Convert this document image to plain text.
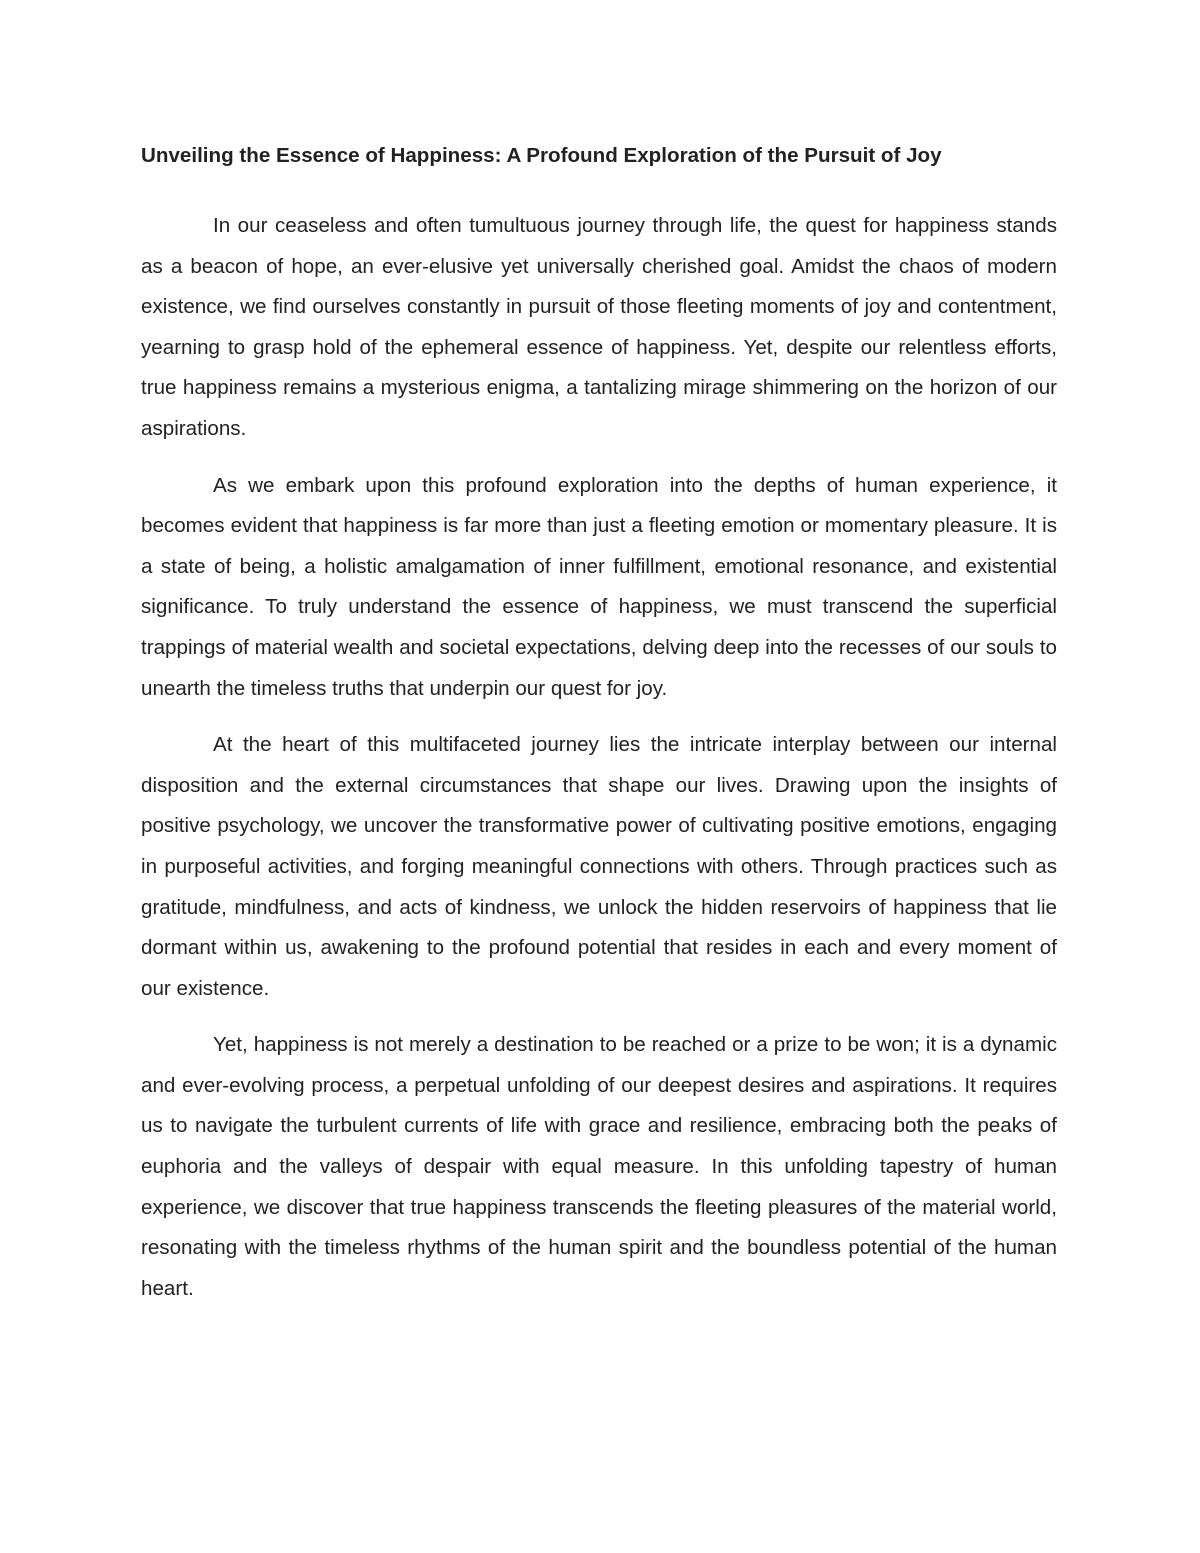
Unveiling the Essence of Happiness: A Profound Exploration of the Pursuit of Joy

In our ceaseless and often tumultuous journey through life, the quest for happiness stands as a beacon of hope, an ever-elusive yet universally cherished goal. Amidst the chaos of modern existence, we find ourselves constantly in pursuit of those fleeting moments of joy and contentment, yearning to grasp hold of the ephemeral essence of happiness. Yet, despite our relentless efforts, true happiness remains a mysterious enigma, a tantalizing mirage shimmering on the horizon of our aspirations.

As we embark upon this profound exploration into the depths of human experience, it becomes evident that happiness is far more than just a fleeting emotion or momentary pleasure. It is a state of being, a holistic amalgamation of inner fulfillment, emotional resonance, and existential significance. To truly understand the essence of happiness, we must transcend the superficial trappings of material wealth and societal expectations, delving deep into the recesses of our souls to unearth the timeless truths that underpin our quest for joy.

At the heart of this multifaceted journey lies the intricate interplay between our internal disposition and the external circumstances that shape our lives. Drawing upon the insights of positive psychology, we uncover the transformative power of cultivating positive emotions, engaging in purposeful activities, and forging meaningful connections with others. Through practices such as gratitude, mindfulness, and acts of kindness, we unlock the hidden reservoirs of happiness that lie dormant within us, awakening to the profound potential that resides in each and every moment of our existence.

Yet, happiness is not merely a destination to be reached or a prize to be won; it is a dynamic and ever-evolving process, a perpetual unfolding of our deepest desires and aspirations. It requires us to navigate the turbulent currents of life with grace and resilience, embracing both the peaks of euphoria and the valleys of despair with equal measure. In this unfolding tapestry of human experience, we discover that true happiness transcends the fleeting pleasures of the material world, resonating with the timeless rhythms of the human spirit and the boundless potential of the human heart.
